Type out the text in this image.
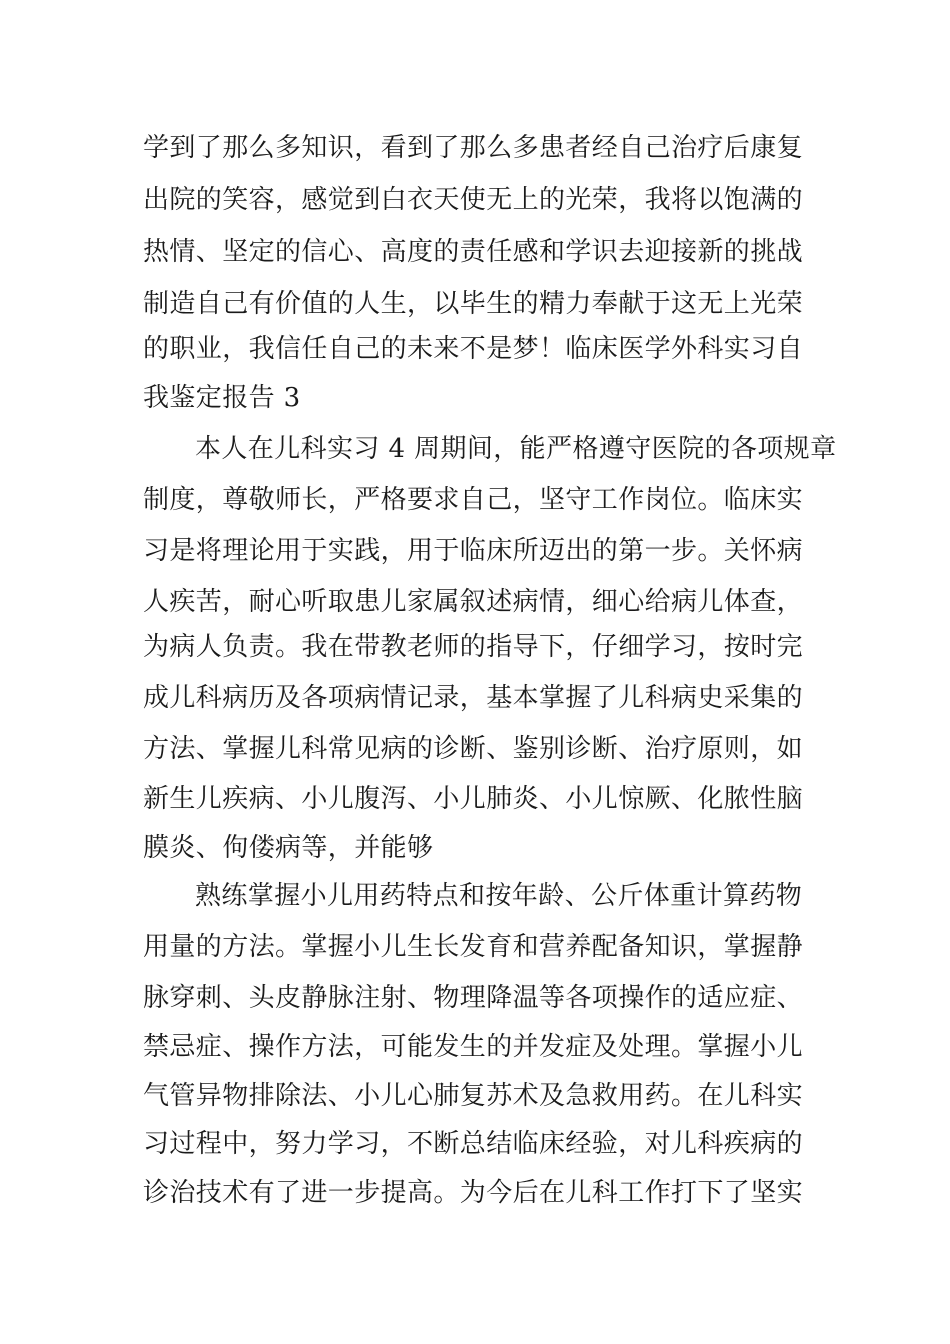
学到了那么多知识，看到了那么多患者经自己治疗后康复
出院的笑容，感觉到白衣天使无上的光荣，我将以饱满的
热情、坚定的信心、高度的责任感和学识去迎接新的挑战
制造自己有价值的人生，以毕生的精力奉献于这无上光荣
的职业，我信任自己的未来不是梦！临床医学外科实习自
我鉴定报告 3
本人在儿科实习 4 周期间，能严格遵守医院的各项规章
制度，尊敬师长，严格要求自己，坚守工作岗位。临床实
习是将理论用于实践，用于临床所迈出的第一步。关怀病
人疾苦，耐心听取患儿家属叙述病情，细心给病儿体查，
为病人负责。我在带教老师的指导下，仔细学习，按时完
成儿科病历及各项病情记录，基本掌握了儿科病史采集的
方法、掌握儿科常见病的诊断、鉴别诊断、治疗原则，如
新生儿疾病、小儿腹泻、小儿肺炎、小儿惊厥、化脓性脑
膜炎、佝偻病等，并能够
熟练掌握小儿用药特点和按年龄、公斤体重计算药物
用量的方法。掌握小儿生长发育和营养配备知识，掌握静
脉穿刺、头皮静脉注射、物理降温等各项操作的适应症、
禁忌症、操作方法，可能发生的并发症及处理。掌握小儿
气管异物排除法、小儿心肺复苏术及急救用药。在儿科实
习过程中，努力学习，不断总结临床经验，对儿科疾病的
诊治技术有了进一步提高。为今后在儿科工作打下了坚实
